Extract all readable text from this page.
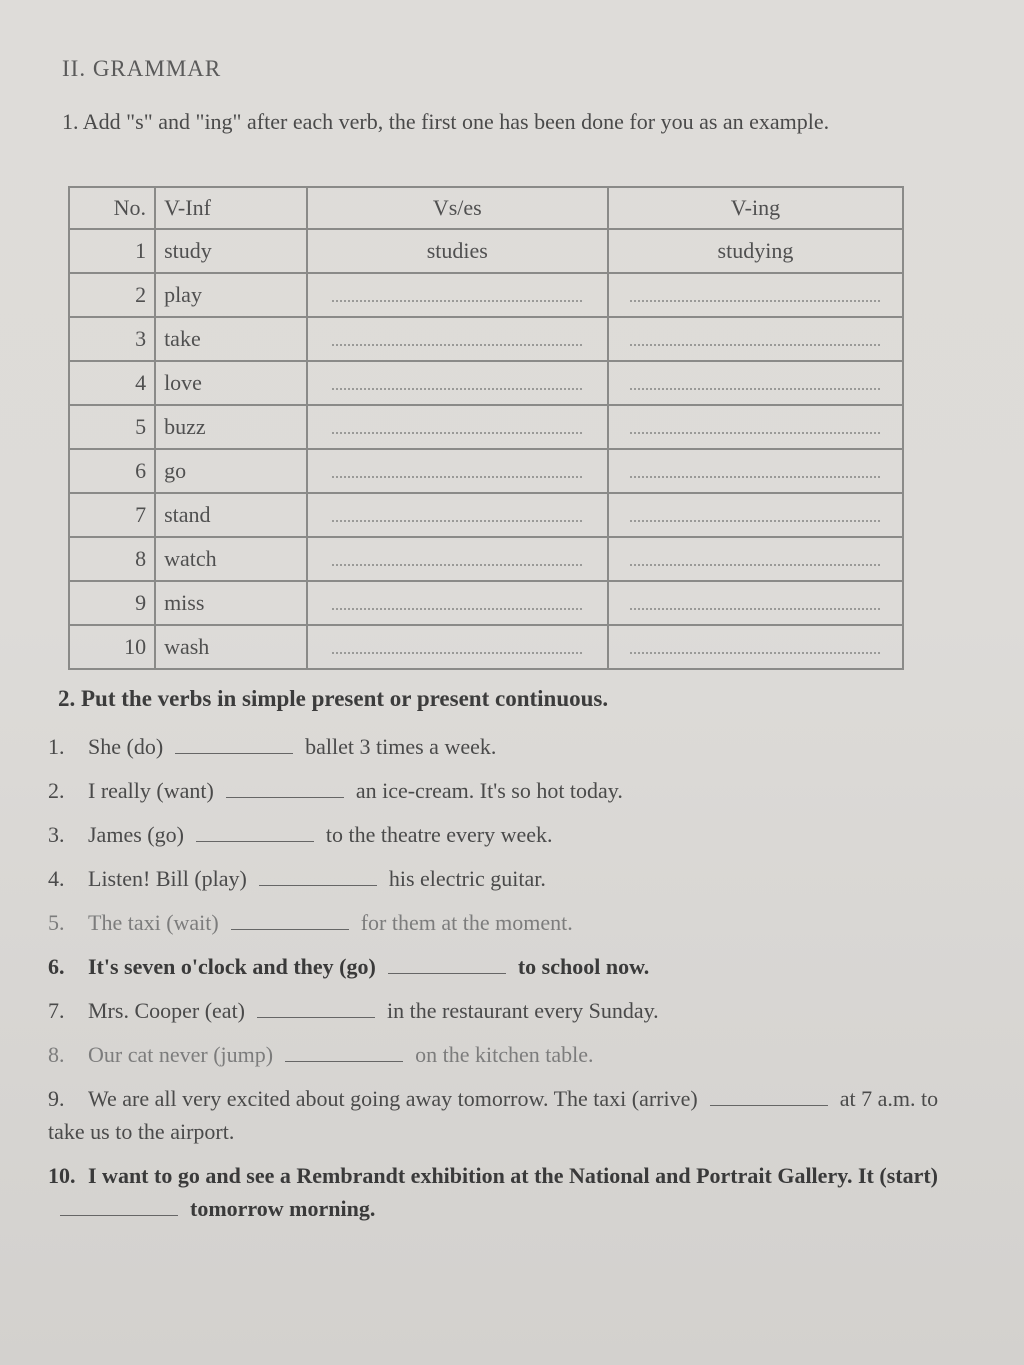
II. GRAMMAR
1. Add "s" and "ing" after each verb, the first one has been done for you as an example.
No.	V-Inf	Vs/es	V-ing
1	study	studies	studying
2	play		
3	take		
4	love		
5	buzz		
6	go		
7	stand		
8	watch		
9	miss		
10	wash		
2. Put the verbs in simple present or present continuous.
1. She (do)	ballet 3 times a week.
2. I really (want)	an ice-cream. It's so hot today.
3. James (go)	to the theatre every week.
4. Listen! Bill (play)	his electric guitar.
5. The taxi (wait)	for them at the moment.
6. It's seven o'clock and they (go)	to school now.
7. Mrs. Cooper (eat)	in the restaurant every Sunday.
8. Our cat never (jump)	on the kitchen table.
9. We are all very excited about going away tomorrow. The taxi (arrive)	at 7 a.m. to take us to the airport.
10. I want to go and see a Rembrandt exhibition at the National and Portrait Gallery. It (start)tomorrow morning.
